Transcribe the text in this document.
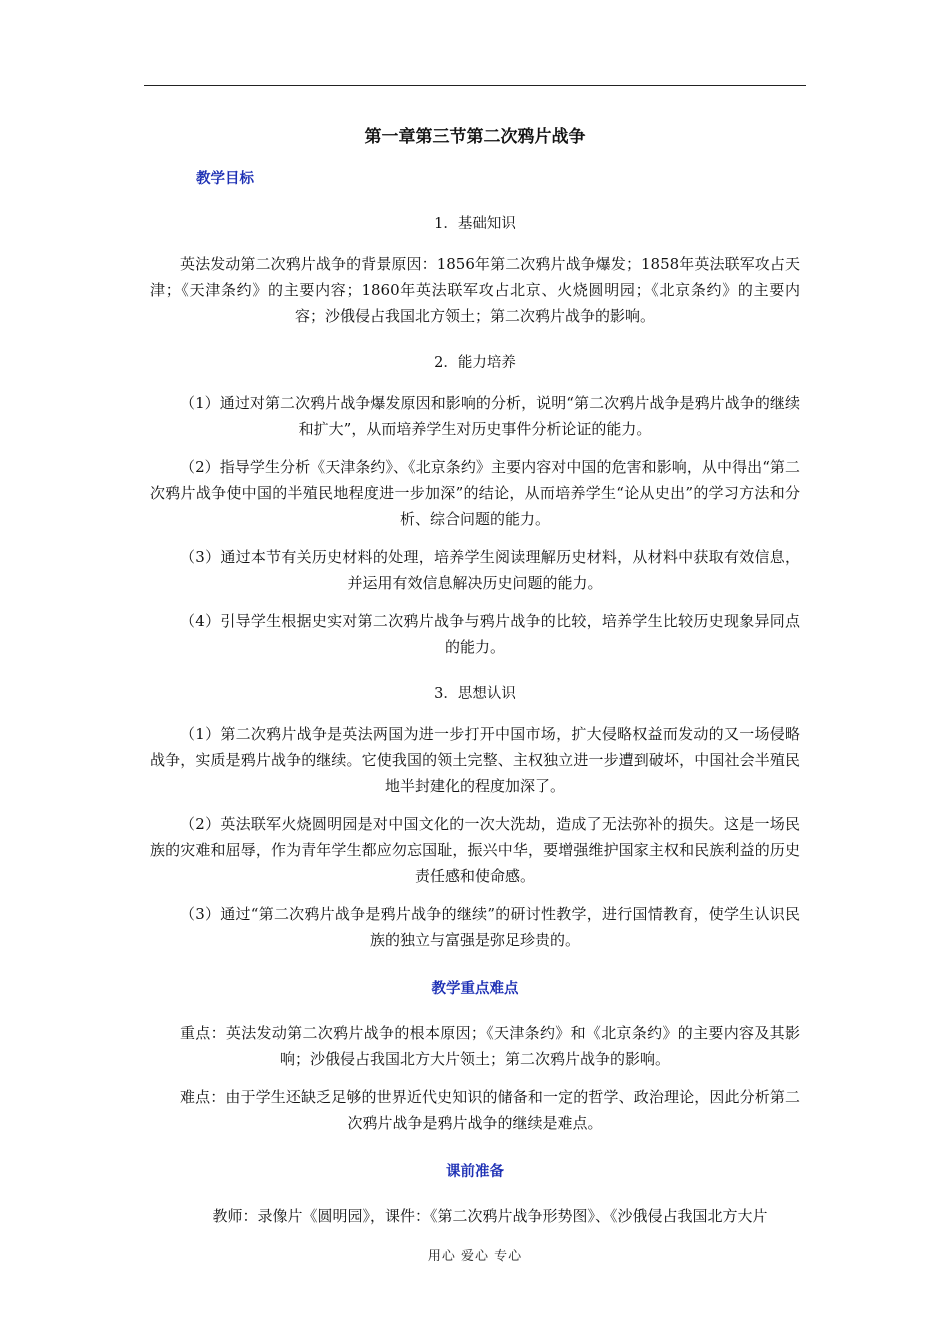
第一章第三节第二次鸦片战争
教学目标
1．基础知识

英法发动第二次鸦片战争的背景原因：1856年第二次鸦片战争爆发；1858年英法联军攻占天津；《天津条约》的主要内容；1860年英法联军攻占北京、火烧圆明园；《北京条约》的主要内容；沙俄侵占我国北方领土；第二次鸦片战争的影响。

2．能力培养

（1）通过对第二次鸦片战争爆发原因和影响的分析，说明“第二次鸦片战争是鸦片战争的继续和扩大”，从而培养学生对历史事件分析论证的能力。

（2）指导学生分析《天津条约》、《北京条约》主要内容对中国的危害和影响，从中得出“第二次鸦片战争使中国的半殖民地程度进一步加深”的结论，从而培养学生“论从史出”的学习方法和分析、综合问题的能力。

（3）通过本节有关历史材料的处理，培养学生阅读理解历史材料，从材料中获取有效信息，并运用有效信息解决历史问题的能力。

（4）引导学生根据史实对第二次鸦片战争与鸦片战争的比较，培养学生比较历史现象异同点的能力。

3．思想认识

（1）第二次鸦片战争是英法两国为进一步打开中国市场，扩大侵略权益而发动的又一场侵略战争，实质是鸦片战争的继续。它使我国的领土完整、主权独立进一步遭到破坏，中国社会半殖民地半封建化的程度加深了。

（2）英法联军火烧圆明园是对中国文化的一次大洗劫，造成了无法弥补的损失。这是一场民族的灾难和屈辱，作为青年学生都应勿忘国耻，振兴中华，要增强维护国家主权和民族利益的历史责任感和使命感。

（3）通过“第二次鸦片战争是鸦片战争的继续”的研讨性教学，进行国情教育，使学生认识民族的独立与富强是弥足珍贵的。

教学重点难点

重点：英法发动第二次鸦片战争的根本原因；《天津条约》和《北京条约》的主要内容及其影响；沙俄侵占我国北方大片领土；第二次鸦片战争的影响。

难点：由于学生还缺乏足够的世界近代史知识的储备和一定的哲学、政治理论，因此分析第二次鸦片战争是鸦片战争的继续是难点。

课前准备

教师：录像片《圆明园》，课件：《第二次鸦片战争形势图》、《沙俄侵占我国北方大片

用心 爱心 专心
